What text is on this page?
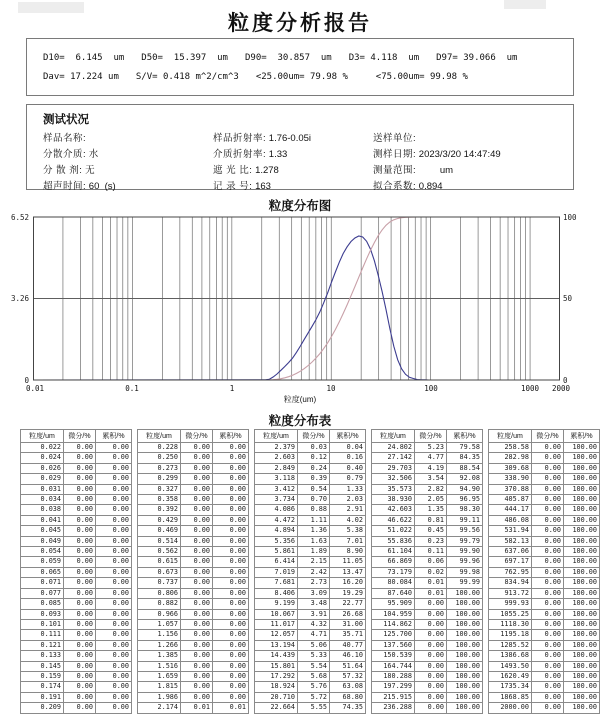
粒度分析报告
D10=  6.145  um D50=  15.397  um D90=  30.857  um D3= 4.118  um D97= 39.066  um
Dav= 17.224 um S/V= 0.418 m^2/cm^3 <25.00um= 79.98 % <75.00um= 99.98 %
测试状况
样品名称:
分散介质: 水
分 散 剂: 无
超声时间: 60  (s)
样品折射率: 1.76-0.05i
介质折射率: 1.33
遮 光 比: 1.278
记 录 号: 163
送样单位:
测样日期: 2023/3/20 14:47:49
测量范围:         um
拟合系数: 0.894
粒度分布图
6.52
3.26
0
100
50
0
0.01	0.1	1	10	100	1000 2000
粒度(um)
粒度分布表
粒度/um	微分/%	累积/%
0.022	0.00	0.00
0.024	0.00	0.00
0.026	0.00	0.00
0.029	0.00	0.00
0.031	0.00	0.00
0.034	0.00	0.00
0.038	0.00	0.00
0.041	0.00	0.00
0.045	0.00	0.00
0.049	0.00	0.00
0.054	0.00	0.00
0.059	0.00	0.00
0.065	0.00	0.00
0.071	0.00	0.00
0.077	0.00	0.00
0.085	0.00	0.00
0.093	0.00	0.00
0.101	0.00	0.00
0.111	0.00	0.00
0.121	0.00	0.00
0.133	0.00	0.00
0.145	0.00	0.00
0.159	0.00	0.00
0.174	0.00	0.00
0.191	0.00	0.00
0.209	0.00	0.00
粒度/um	微分/%	累积/%
0.228	0.00	0.00
0.250	0.00	0.00
0.273	0.00	0.00
0.299	0.00	0.00
0.327	0.00	0.00
0.358	0.00	0.00
0.392	0.00	0.00
0.429	0.00	0.00
0.469	0.00	0.00
0.514	0.00	0.00
0.562	0.00	0.00
0.615	0.00	0.00
0.673	0.00	0.00
0.737	0.00	0.00
0.806	0.00	0.00
0.882	0.00	0.00
0.966	0.00	0.00
1.057	0.00	0.00
1.156	0.00	0.00
1.266	0.00	0.00
1.385	0.00	0.00
1.516	0.00	0.00
1.659	0.00	0.00
1.815	0.00	0.00
1.986	0.00	0.00
2.174	0.01	0.01
粒度/um	微分/%	累积/%
2.379	0.03	0.04
2.603	0.12	0.16
2.849	0.24	0.40
3.118	0.39	0.79
3.412	0.54	1.33
3.734	0.70	2.03
4.086	0.88	2.91
4.472	1.11	4.02
4.894	1.36	5.38
5.356	1.63	7.01
5.861	1.89	8.90
6.414	2.15	11.05
7.019	2.42	13.47
7.681	2.73	16.20
8.406	3.09	19.29
9.199	3.48	22.77
10.067	3.91	26.68
11.017	4.32	31.00
12.057	4.71	35.71
13.194	5.06	40.77
14.439	5.33	46.10
15.801	5.54	51.64
17.292	5.68	57.32
18.924	5.76	63.08
20.710	5.72	68.80
22.664	5.55	74.35
粒度/um	微分/%	累积/%
24.802	5.23	79.58
27.142	4.77	84.35
29.703	4.19	88.54
32.506	3.54	92.08
35.573	2.82	94.90
38.930	2.05	96.95
42.603	1.35	98.30
46.622	0.81	99.11
51.022	0.45	99.56
55.836	0.23	99.79
61.104	0.11	99.90
66.869	0.06	99.96
73.179	0.02	99.98
80.084	0.01	99.99
87.640	0.01	100.00
95.909	0.00	100.00
104.959	0.00	100.00
114.862	0.00	100.00
125.700	0.00	100.00
137.560	0.00	100.00
150.539	0.00	100.00
164.744	0.00	100.00
180.288	0.00	100.00
197.299	0.00	100.00
215.915	0.00	100.00
236.288	0.00	100.00
粒度/um	微分/%	累积/%
258.58	0.00	100.00
282.98	0.00	100.00
309.68	0.00	100.00
338.90	0.00	100.00
370.88	0.00	100.00
405.87	0.00	100.00
444.17	0.00	100.00
486.08	0.00	100.00
531.94	0.00	100.00
582.13	0.00	100.00
637.06	0.00	100.00
697.17	0.00	100.00
762.95	0.00	100.00
834.94	0.00	100.00
913.72	0.00	100.00
999.93	0.00	100.00
1055.25	0.00	100.00
1118.30	0.00	100.00
1195.18	0.00	100.00
1285.52	0.00	100.00
1386.68	0.00	100.00
1493.50	0.00	100.00
1620.49	0.00	100.00
1735.34	0.00	100.00
1868.85	0.00	100.00
2000.00	0.00	100.00
